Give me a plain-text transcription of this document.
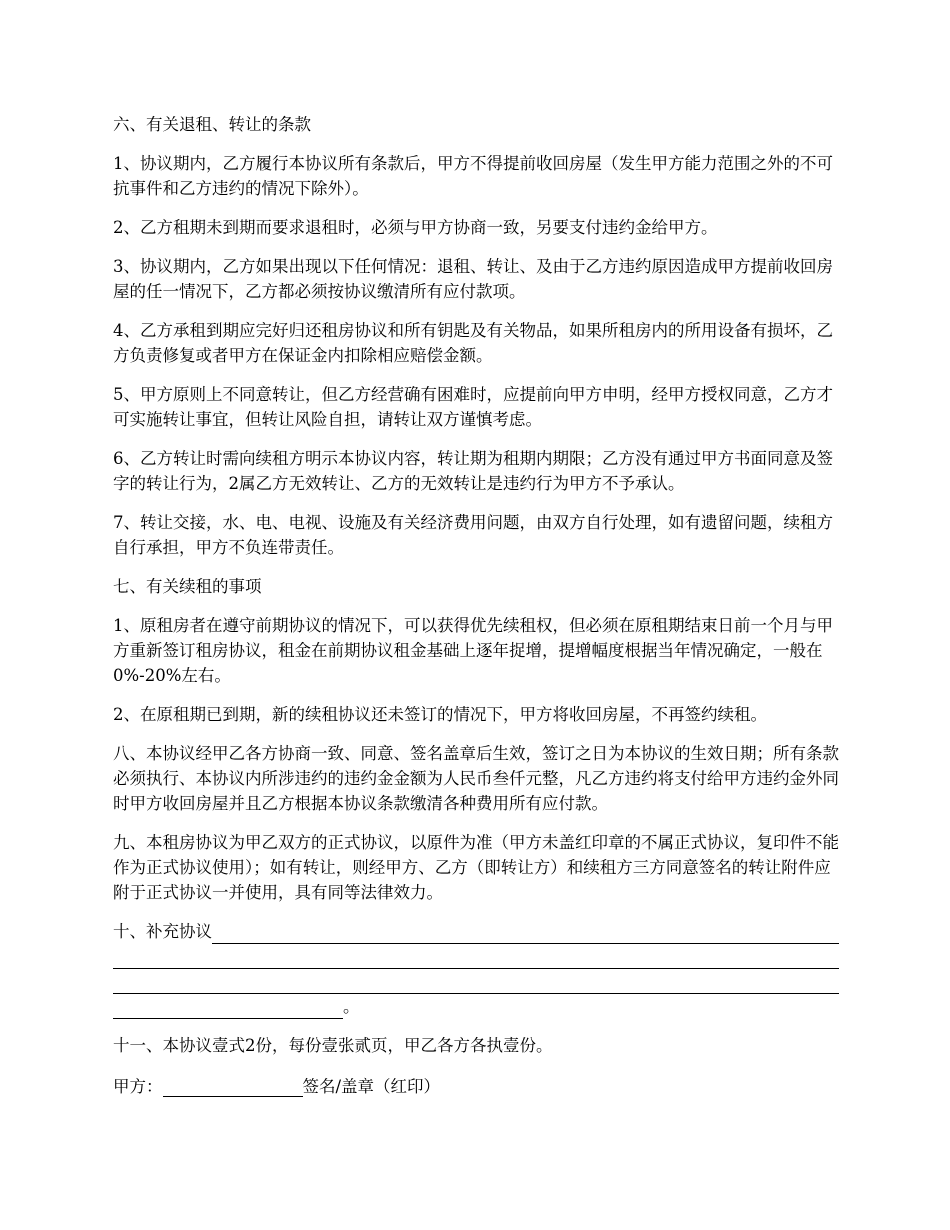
六、有关退租、转让的条款

1、协议期内，乙方履行本协议所有条款后，甲方不得提前收回房屋（发生甲方能力范围之外的不可抗事件和乙方违约的情况下除外）。

2、乙方租期未到期而要求退租时，必须与甲方协商一致，另要支付违约金给甲方。

3、协议期内，乙方如果出现以下任何情况：退租、转让、及由于乙方违约原因造成甲方提前收回房屋的任一情况下，乙方都必须按协议缴清所有应付款项。

4、乙方承租到期应完好归还租房协议和所有钥匙及有关物品，如果所租房内的所用设备有损坏，乙方负责修复或者甲方在保证金内扣除相应赔偿金额。

5、甲方原则上不同意转让，但乙方经营确有困难时，应提前向甲方申明，经甲方授权同意，乙方才可实施转让事宜，但转让风险自担，请转让双方谨慎考虑。

6、乙方转让时需向续租方明示本协议内容，转让期为租期内期限；乙方没有通过甲方书面同意及签字的转让行为，2属乙方无效转让、乙方的无效转让是违约行为甲方不予承认。

7、转让交接，水、电、电视、设施及有关经济费用问题，由双方自行处理，如有遗留问题，续租方自行承担，甲方不负连带责任。

七、有关续租的事项

1、原租房者在遵守前期协议的情况下，可以获得优先续租权，但必须在原租期结束日前一个月与甲方重新签订租房协议，租金在前期协议租金基础上逐年捉增，提增幅度根据当年情况确定，一般在0%-20%左右。

2、在原租期已到期，新的续租协议还未签订的情况下，甲方将收回房屋，不再签约续租。

八、本协议经甲乙各方协商一致、同意、签名盖章后生效，签订之日为本协议的生效日期；所有条款必须执行、本协议内所涉违约的违约金金额为人民币叁仟元整，凡乙方违约将支付给甲方违约金外同时甲方收回房屋并且乙方根据本协议条款缴清各种费用所有应付款。

九、本租房协议为甲乙双方的正式协议，以原件为准（甲方未盖红印章的不属正式协议，复印件不能作为正式协议使用）；如有转让，则经甲方、乙方（即转让方）和续租方三方同意签名的转让附件应附于正式协议一并使用，具有同等法律效力。

十、补充协议
。

十一、本协议壹式2份，每份壹张贰页，甲乙各方各执壹份。

甲方：	签名/盖章（红印）
